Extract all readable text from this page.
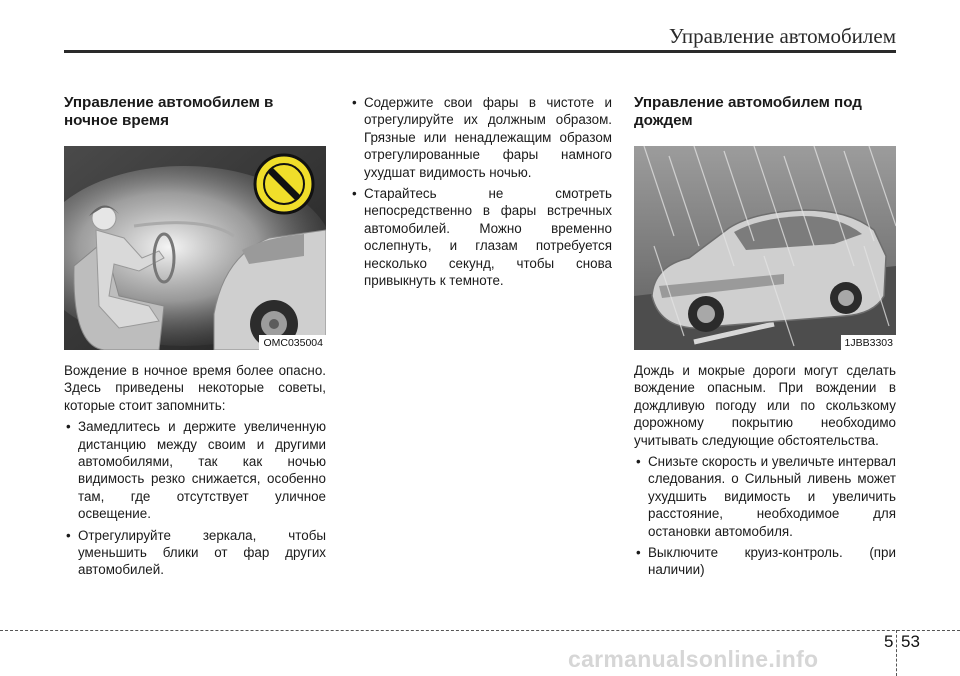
Управление автомобилем
Управление автомобилем в ночное время
OMC035004

Вождение в ночное время более опасно. Здесь приведены некоторые советы, которые стоит запомнить:

• Замедлитесь и держите увеличенную дистанцию между своим и другими автомобилями, так как ночью видимость резко снижается, особенно там, где отсутствует уличное освещение.
• Отрегулируйте зеркала, чтобы уменьшить блики от фар других автомобилей.
• Содержите свои фары в чистоте и отрегулируйте их должным образом. Грязные или ненадлежащим образом отрегулированные фары намного ухудшат видимость ночью.
• Старайтесь не смотреть непосредственно в фары встречных автомобилей. Можно временно ослепнуть, и глазам потребуется несколько секунд, чтобы снова привыкнуть к темноте.
Управление автомобилем под дождем
1JBB3303

Дождь и мокрые дороги могут сделать вождение опасным. При вождении в дождливую погоду или по скользкому дорожному покрытию необходимо учитывать следующие обстоятельства.

• Снизьте скорость и увеличьте интервал следования. о Сильный ливень может ухудшить видимость и увеличить расстояние, необходимое для остановки автомобиля.
• Выключите круиз-контроль. (при наличии)
5 53
carmanualsonline.info
